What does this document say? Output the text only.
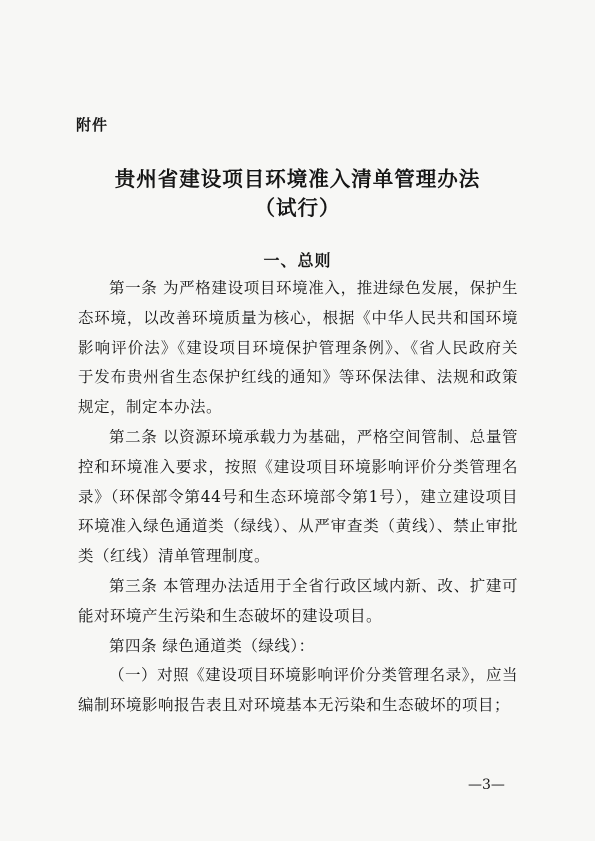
附件
贵州省建设项目环境准入清单管理办法
（试行）
一、总则

第一条 为严格建设项目环境准入，推进绿色发展，保护生态环境，以改善环境质量为核心，根据《中华人民共和国环境影响评价法》《建设项目环境保护管理条例》、《省人民政府关于发布贵州省生态保护红线的通知》等环保法律、法规和政策规定，制定本办法。

第二条 以资源环境承载力为基础，严格空间管制、总量管控和环境准入要求，按照《建设项目环境影响评价分类管理名录》（环保部令第44号和生态环境部令第1号），建立建设项目环境准入绿色通道类（绿线）、从严审查类（黄线）、禁止审批类（红线）清单管理制度。

第三条 本管理办法适用于全省行政区域内新、改、扩建可能对环境产生污染和生态破坏的建设项目。

第四条 绿色通道类（绿线）：

（一）对照《建设项目环境影响评价分类管理名录》，应当编制环境影响报告表且对环境基本无污染和生态破坏的项目；

—3—
